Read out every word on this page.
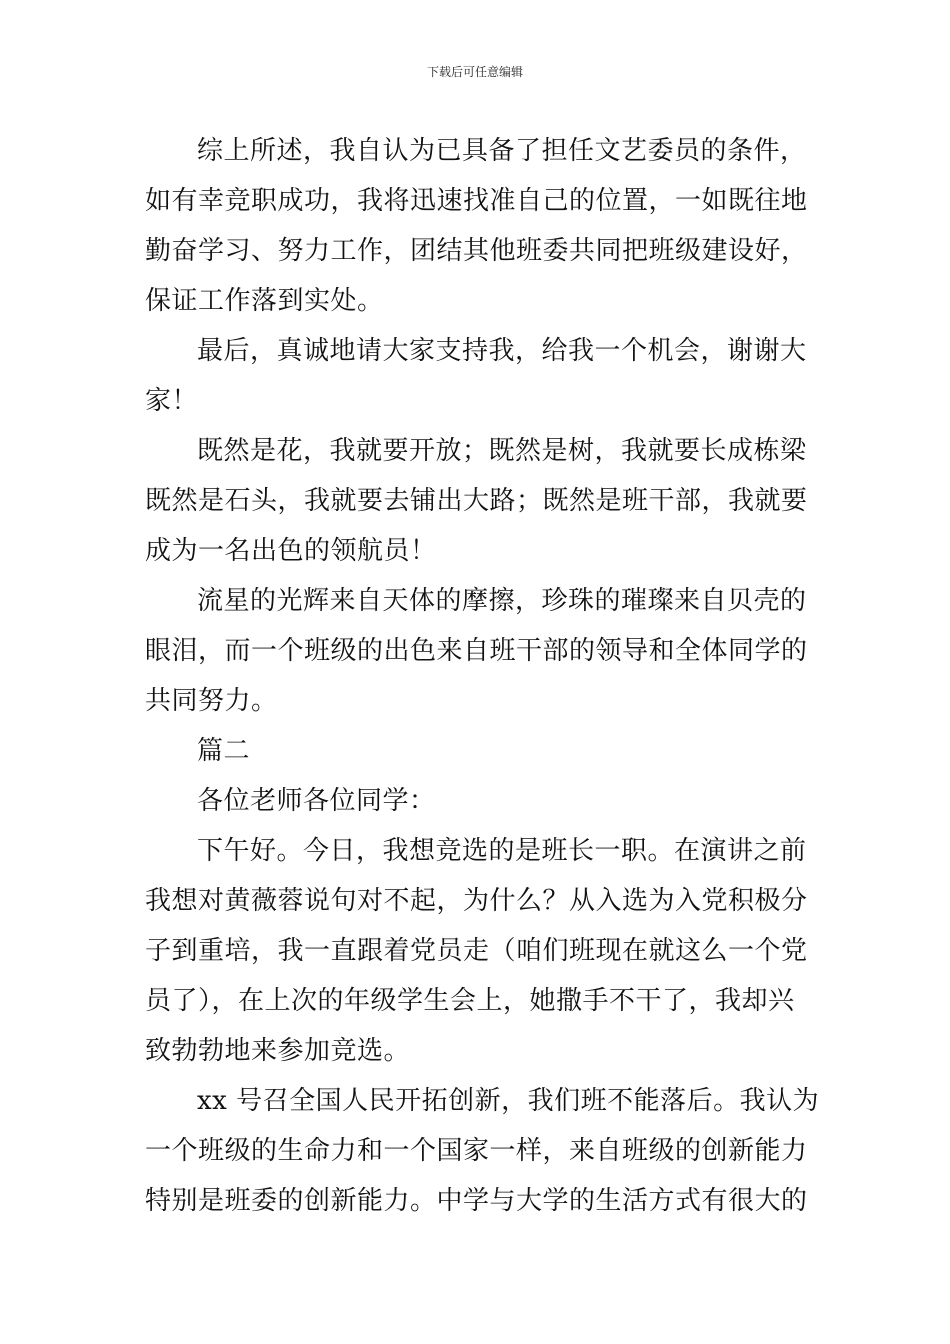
下载后可任意编辑
综上所述，我自认为已具备了担任文艺委员的条件，
如有幸竞职成功，我将迅速找准自己的位置，一如既往地
勤奋学习、努力工作，团结其他班委共同把班级建设好，
保证工作落到实处。
最后，真诚地请大家支持我，给我一个机会，谢谢大
家！
既然是花，我就要开放；既然是树，我就要长成栋梁
既然是石头，我就要去铺出大路；既然是班干部，我就要
成为一名出色的领航员！
流星的光辉来自天体的摩擦，珍珠的璀璨来自贝壳的
眼泪，而一个班级的出色来自班干部的领导和全体同学的
共同努力。
篇二
各位老师各位同学：
下午好。今日，我想竞选的是班长一职。在演讲之前
我想对黄薇蓉说句对不起，为什么？从入选为入党积极分
子到重培，我一直跟着党员走（咱们班现在就这么一个党
员了），在上次的年级学生会上，她撒手不干了，我却兴
致勃勃地来参加竞选。
xx 号召全国人民开拓创新，我们班不能落后。我认为
一个班级的生命力和一个国家一样，来自班级的创新能力
特别是班委的创新能力。中学与大学的生活方式有很大的
